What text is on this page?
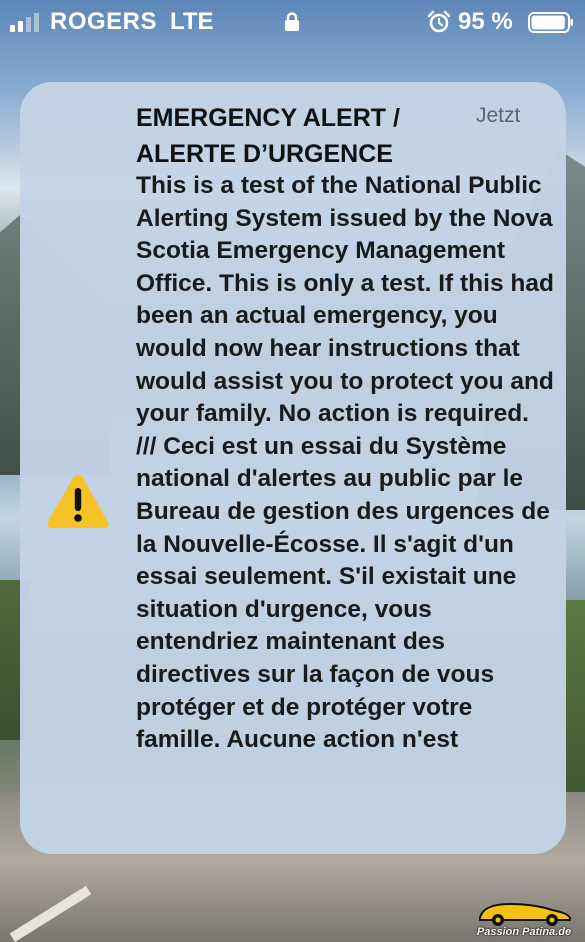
ROGERS LTE	95 %
EMERGENCY ALERT / ALERTE D’URGENCE
Jetzt
This is a test of the National Public Alerting System issued by the Nova Scotia Emergency Management Office. This is only a test. If this had been an actual emergency, you would now hear instructions that would assist you to protect you and your family. No action is required. /// Ceci est un essai du Système national d'alertes au public par le Bureau de gestion des urgences de la Nouvelle-Écosse. Il s'agit d'un essai seulement. S'il existait une situation d'urgence, vous entendriez maintenant des directives sur la façon de vous protéger et de protéger votre famille. Aucune action n'est
Passion Patina.de
